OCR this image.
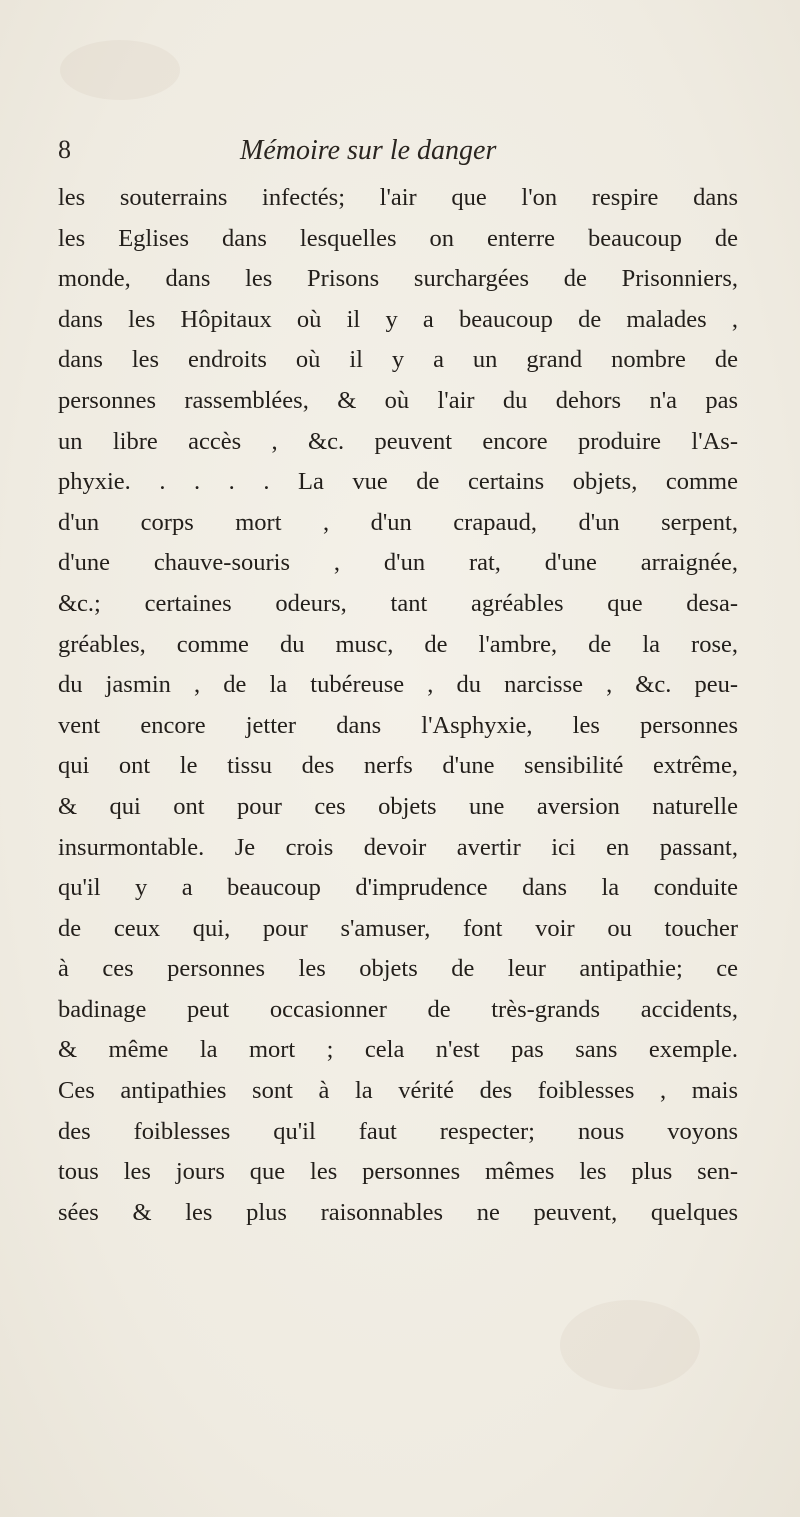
8	Mémoire sur le danger
les souterrains infectés; l'air que l'on respire dans
les Eglises dans lesquelles on enterre beaucoup de
monde, dans les Prisons surchargées de Prisonniers,
dans les Hôpitaux où il y a beaucoup de malades ,
dans les endroits où il y a un grand nombre de
personnes rassemblées, & où l'air du dehors n'a pas
un libre accès , &c. peuvent encore produire l'As-
phyxie. . . . . La vue de certains objets, comme
d'un corps mort , d'un crapaud, d'un serpent,
d'une chauve-souris , d'un rat, d'une arraignée,
&c.; certaines odeurs, tant agréables que desa-
gréables, comme du musc, de l'ambre, de la rose,
du jasmin , de la tubéreuse , du narcisse , &c. peu-
vent encore jetter dans l'Asphyxie, les personnes
qui ont le tissu des nerfs d'une sensibilité extrême,
& qui ont pour ces objets une aversion naturelle
insurmontable. Je crois devoir avertir ici en passant,
qu'il y a beaucoup d'imprudence dans la conduite
de ceux qui, pour s'amuser, font voir ou toucher
à ces personnes les objets de leur antipathie; ce
badinage peut occasionner de très-grands accidents,
& même la mort ; cela n'est pas sans exemple.
Ces antipathies sont à la vérité des foiblesses , mais
des foiblesses qu'il faut respecter; nous voyons
tous les jours que les personnes mêmes les plus sen-
sées & les plus raisonnables ne peuvent, quelques
